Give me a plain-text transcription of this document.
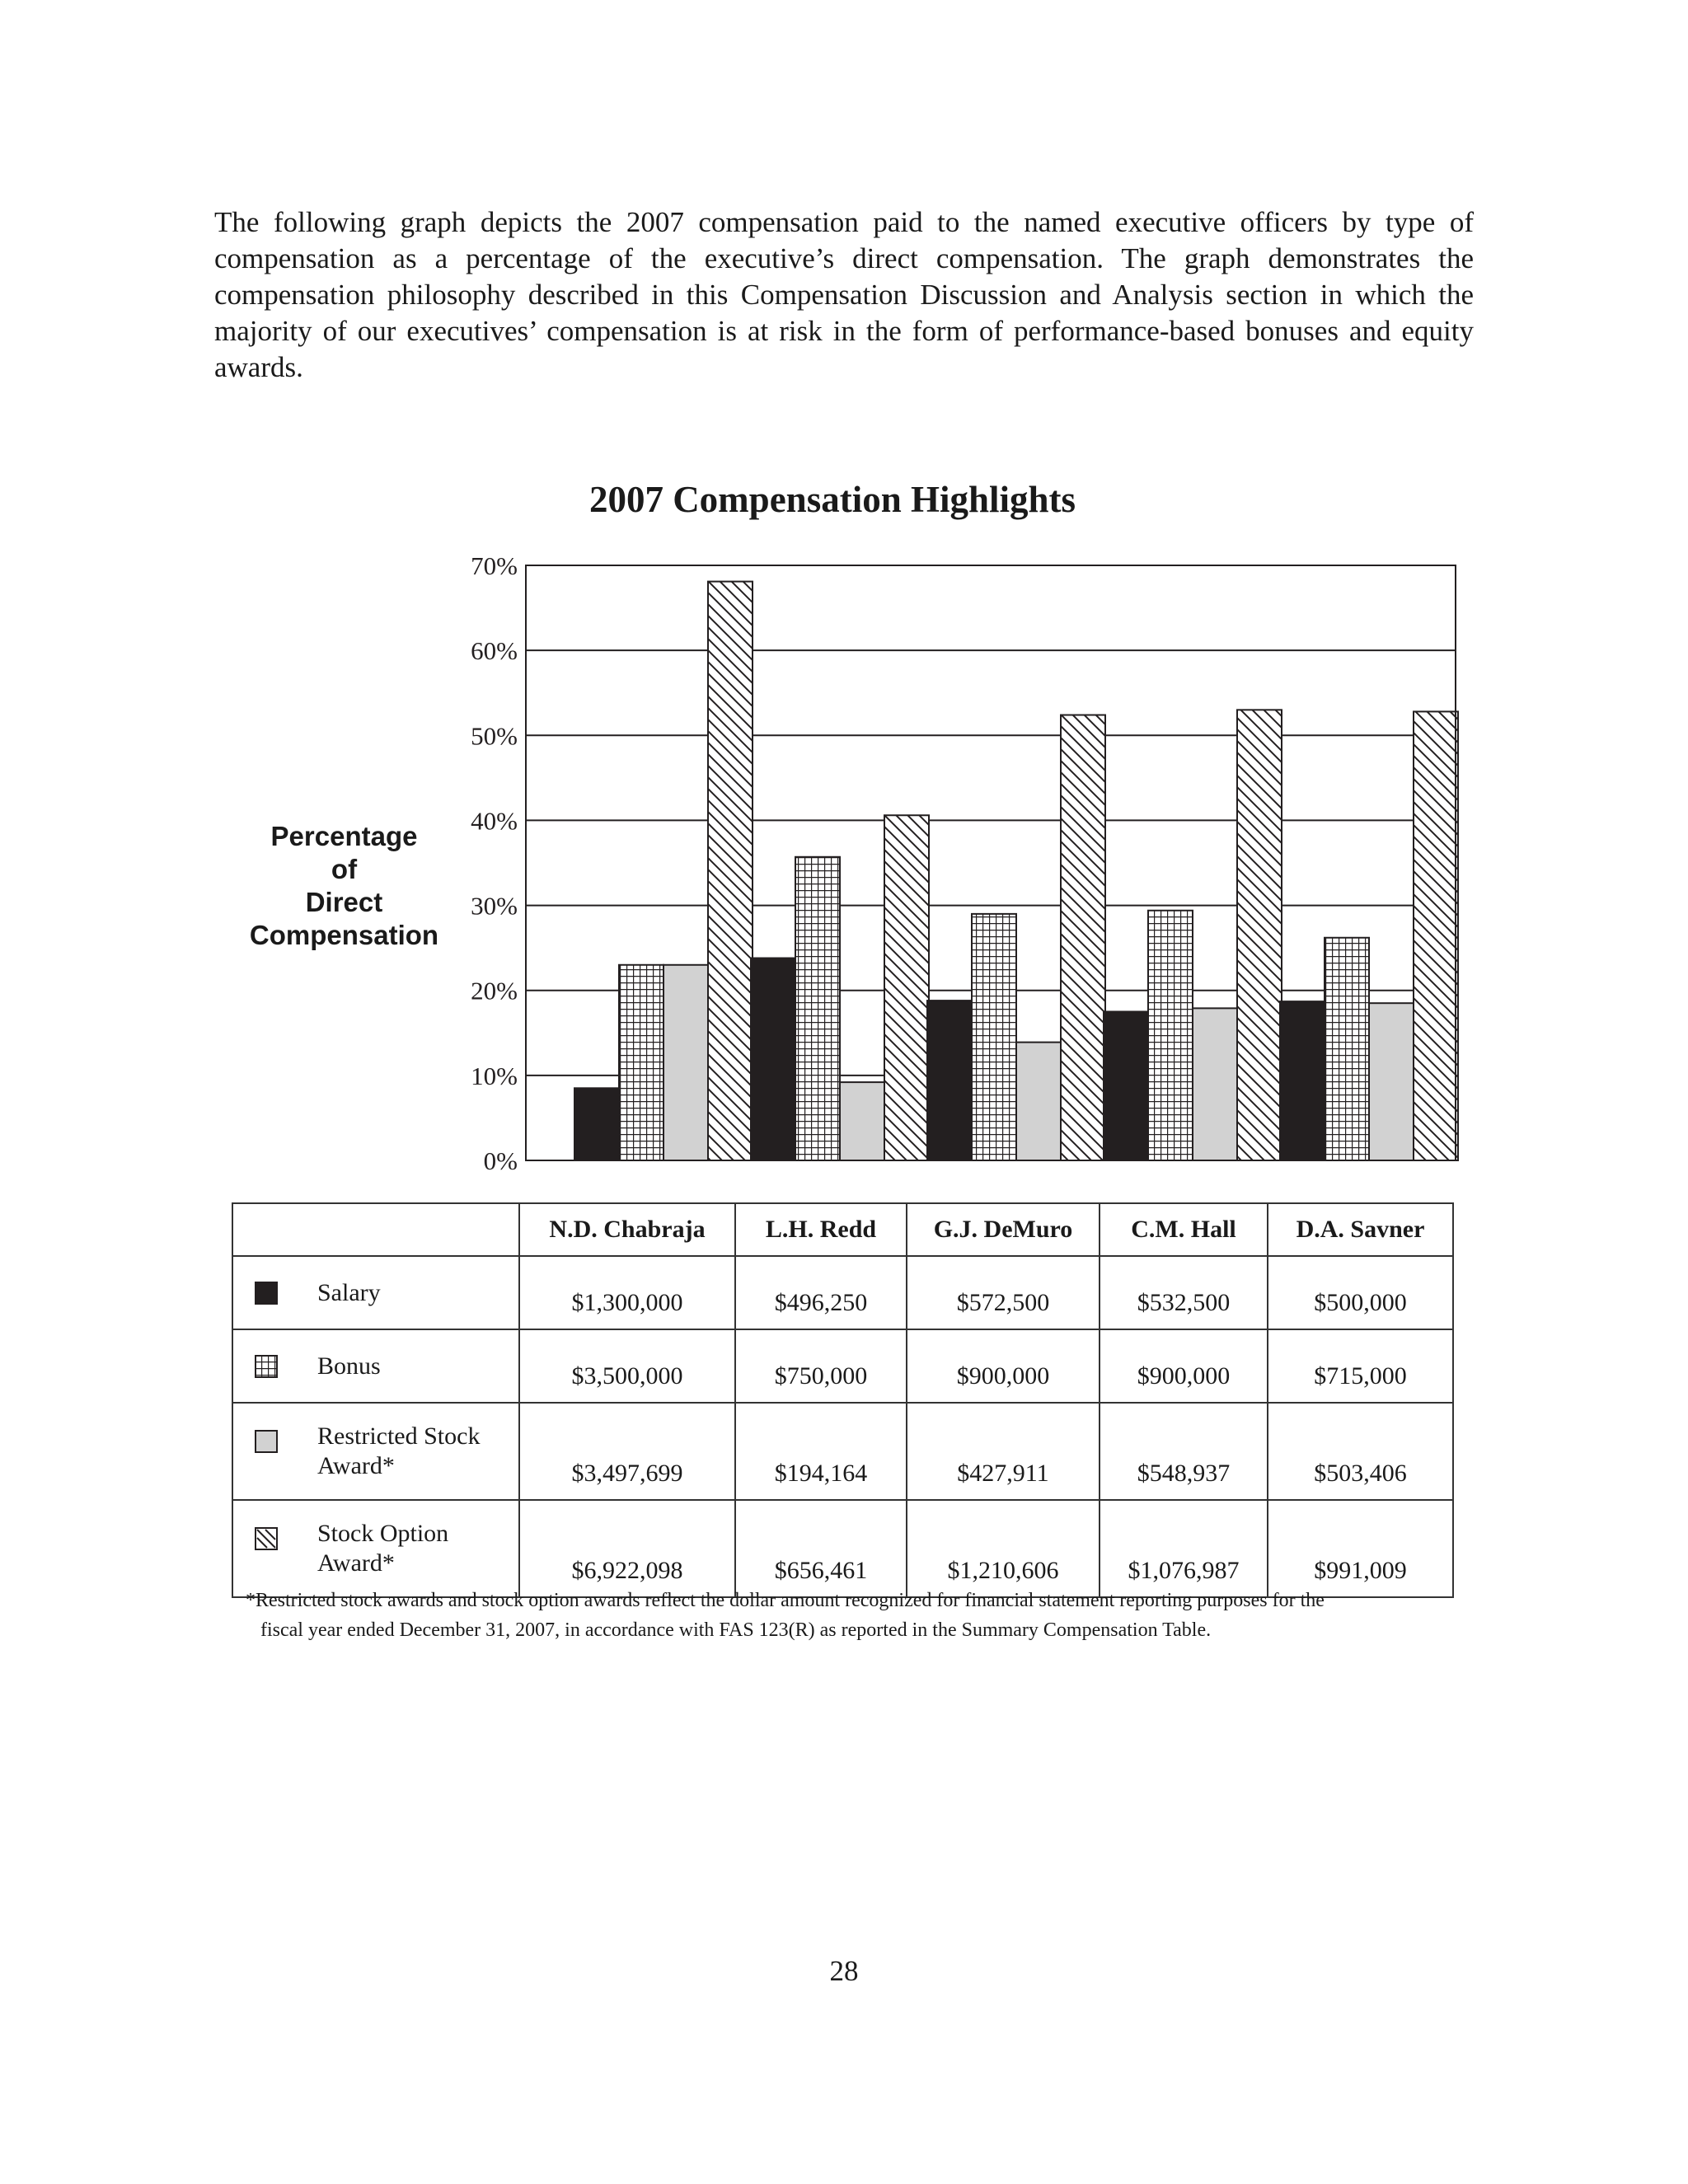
The following graph depicts the 2007 compensation paid to the named executive officers by type of compensation as a percentage of the executive’s direct compensation. The graph demonstrates the compensation philosophy described in this Compensation Discussion and Analysis section in which the majority of our executives’ compensation is at risk in the form of performance-based bonuses and equity awards.

2007 Compensation Highlights
Percentage
of
Direct
Compensation
0%
10%
20%
30%
40%
50%
60%
70%
	N.D. Chabraja	L.H. Redd	G.J. DeMuro	C.M. Hall	D.A. Savner

Salary	$1,300,000	$496,250	$572,500	$532,500	$500,000

Bonus	$3,500,000	$750,000	$900,000	$900,000	$715,000

Restricted Stock
Award*	$3,497,699	$194,164	$427,911	$548,937	$503,406

Stock Option
Award*	$6,922,098	$656,461	$1,210,606	$1,076,987	$991,009

*Restricted stock awards and stock option awards reflect the dollar amount recognized for financial statement reporting purposes for the
fiscal year ended December 31, 2007, in accordance with FAS 123(R) as reported in the Summary Compensation Table.

28
